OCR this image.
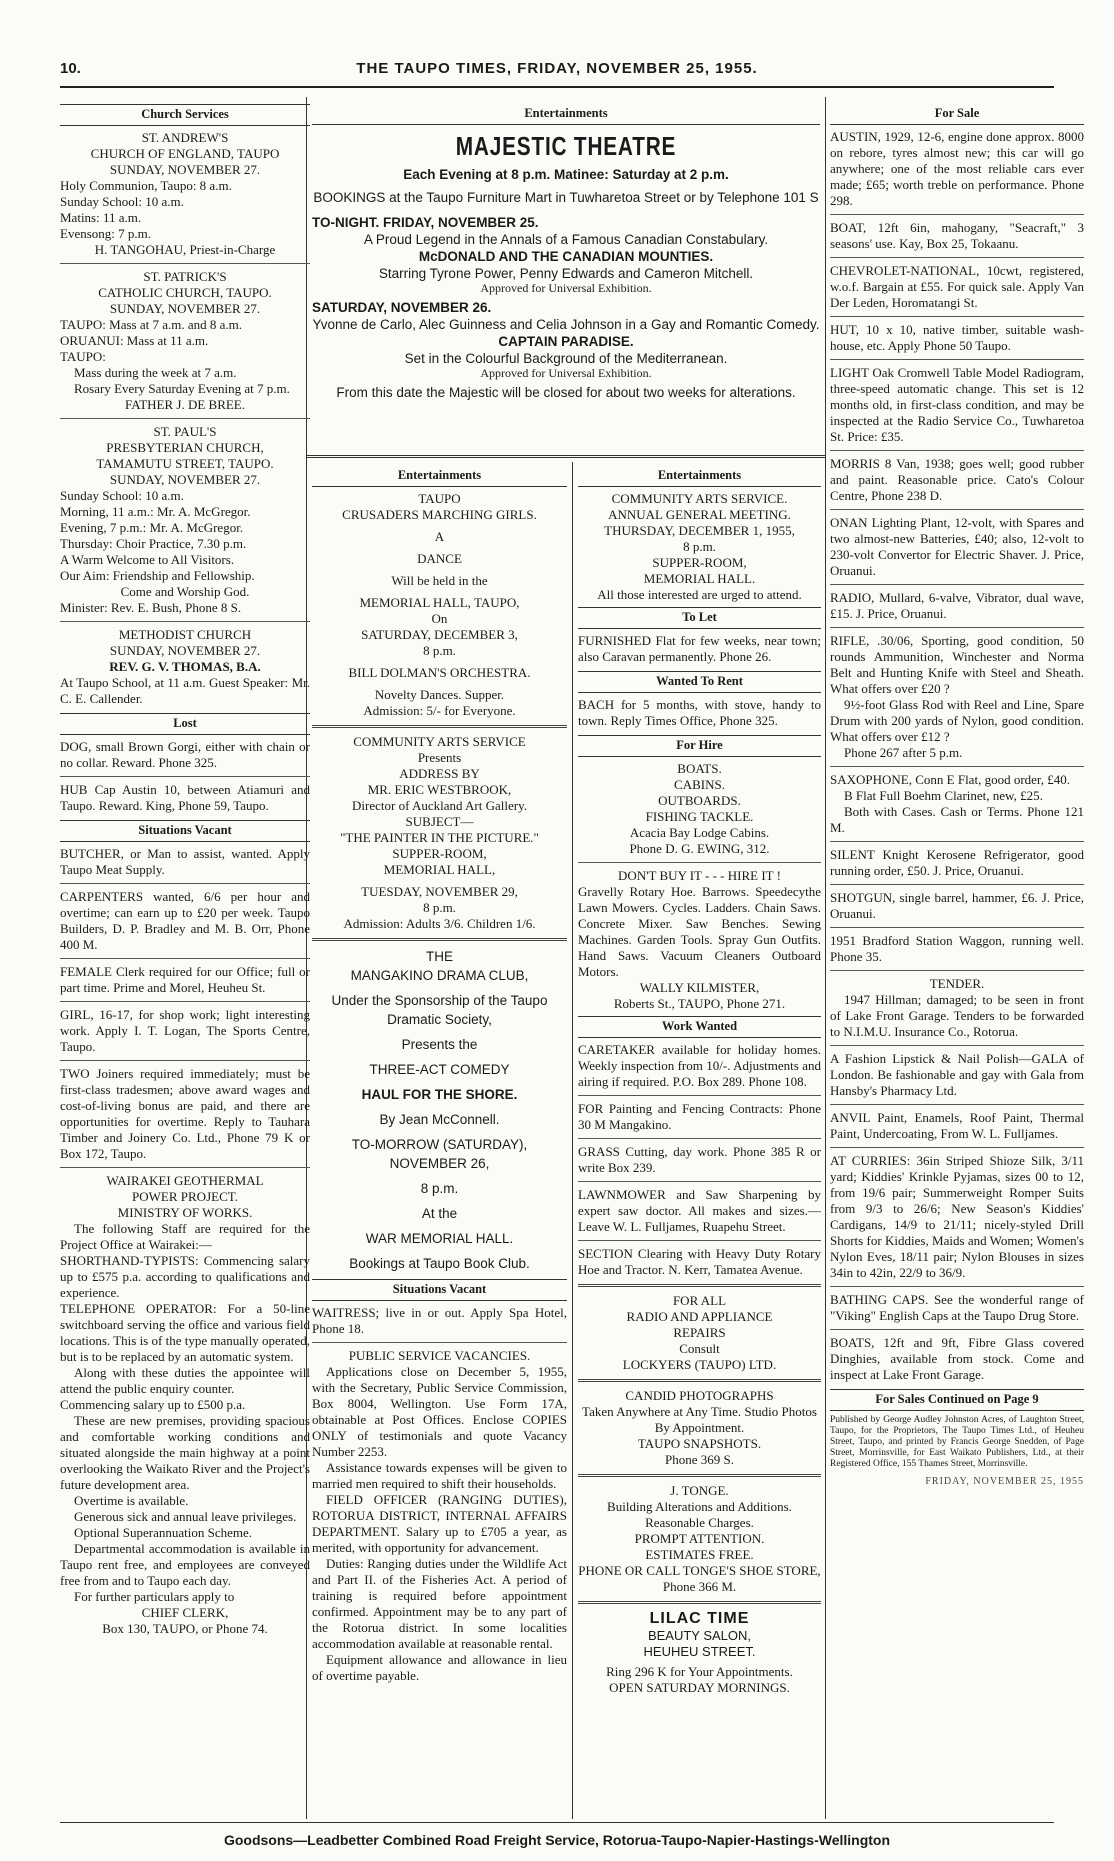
10.	THE TAUPO TIMES, FRIDAY, NOVEMBER 25, 1955.
Church Services

ST. ANDREW'S

CHURCH OF ENGLAND, TAUPO

SUNDAY, NOVEMBER 27.

Holy Communion, Taupo: 8 a.m.

Sunday School: 10 a.m.

Matins: 11 a.m.

Evensong: 7 p.m.

H. TANGOHAU, Priest-in-Charge

ST. PATRICK'S

CATHOLIC CHURCH, TAUPO.

SUNDAY, NOVEMBER 27.

TAUPO: Mass at 7 a.m. and 8 a.m.

ORUANUI: Mass at 11 a.m.

TAUPO:

Mass during the week at 7 a.m.

Rosary Every Saturday Evening at 7 p.m.

FATHER J. DE BREE.

ST. PAUL'S

PRESBYTERIAN CHURCH,

TAMAMUTU STREET, TAUPO.

SUNDAY, NOVEMBER 27.

Sunday School: 10 a.m.

Morning, 11 a.m.: Mr. A. McGregor.

Evening, 7 p.m.: Mr. A. McGregor.

Thursday: Choir Practice, 7.30 p.m.

A Warm Welcome to All Visitors.

Our Aim: Friendship and Fellowship.

Come and Worship God.

Minister: Rev. E. Bush, Phone 8 S.

METHODIST CHURCH

SUNDAY, NOVEMBER 27.

REV. G. V. THOMAS, B.A.

At Taupo School, at 11 a.m. Guest Speaker: Mr. C. E. Callender.

Lost

DOG, small Brown Gorgi, either with chain or no collar. Reward. Phone 325.

HUB Cap Austin 10, between Atiamuri and Taupo. Reward. King, Phone 59, Taupo.

Situations Vacant

BUTCHER, or Man to assist, wanted. Apply Taupo Meat Supply.

CARPENTERS wanted, 6/6 per hour and overtime; can earn up to £20 per week. Taupo Builders, D. P. Bradley and M. B. Orr, Phone 400 M.

FEMALE Clerk required for our Office; full or part time. Prime and Morel, Heuheu St.

GIRL, 16-17, for shop work; light interesting work. Apply I. T. Logan, The Sports Centre, Taupo.

TWO Joiners required immediately; must be first-class tradesmen; above award wages and cost-of-living bonus are paid, and there are opportunities for overtime. Reply to Tauhara Timber and Joinery Co. Ltd., Phone 79 K or Box 172, Taupo.

WAIRAKEI GEOTHERMAL

POWER PROJECT.

MINISTRY OF WORKS.

The following Staff are required for the Project Office at Wairakei:—

SHORTHAND-TYPISTS: Commencing salary up to £575 p.a. according to qualifications and experience.

TELEPHONE OPERATOR: For a 50-line switchboard serving the office and various field locations. This is of the type manually operated, but is to be replaced by an automatic system.

Along with these duties the appointee will attend the public enquiry counter.

Commencing salary up to £500 p.a.

These are new premises, providing spacious and comfortable working conditions and situated alongside the main highway at a point overlooking the Waikato River and the Project's future development area.

Overtime is available.

Generous sick and annual leave privileges.

Optional Superannuation Scheme.

Departmental accommodation is available in Taupo rent free, and employees are conveyed free from and to Taupo each day.

For further particulars apply to

CHIEF CLERK,

Box 130, TAUPO, or Phone 74.

Entertainments
MAJESTIC THEATRE

Each Evening at 8 p.m. Matinee: Saturday at 2 p.m.

BOOKINGS at the Taupo Furniture Mart in Tuwharetoa Street or by Telephone 101 S

TO-NIGHT. FRIDAY, NOVEMBER 25.

A Proud Legend in the Annals of a Famous Canadian Constabulary.

McDONALD AND THE CANADIAN MOUNTIES.

Starring Tyrone Power, Penny Edwards and Cameron Mitchell.

Approved for Universal Exhibition.

SATURDAY, NOVEMBER 26.

Yvonne de Carlo, Alec Guinness and Celia Johnson in a Gay and Romantic Comedy.

CAPTAIN PARADISE.

Set in the Colourful Background of the Mediterranean.

Approved for Universal Exhibition.

From this date the Majestic will be closed for about two weeks for alterations.

Entertainments

TAUPO

CRUSADERS MARCHING GIRLS.

A

DANCE

Will be held in the

MEMORIAL HALL, TAUPO,

On

SATURDAY, DECEMBER 3,

8 p.m.

BILL DOLMAN'S ORCHESTRA.

Novelty Dances. Supper.

Admission: 5/- for Everyone.

COMMUNITY ARTS SERVICE

Presents

ADDRESS BY

MR. ERIC WESTBROOK,

Director of Auckland Art Gallery.

SUBJECT—

"THE PAINTER IN THE PICTURE."

SUPPER-ROOM,

MEMORIAL HALL,

TUESDAY, NOVEMBER 29,

8 p.m.

Admission: Adults 3/6. Children 1/6.

THE

MANGAKINO DRAMA CLUB,

Under the Sponsorship of the Taupo Dramatic Society,

Presents the

THREE-ACT COMEDY

HAUL FOR THE SHORE.

By Jean McConnell.

TO-MORROW (SATURDAY),

NOVEMBER 26,

8 p.m.

At the

WAR MEMORIAL HALL.

Bookings at Taupo Book Club.

Situations Vacant

WAITRESS; live in or out. Apply Spa Hotel, Phone 18.

PUBLIC SERVICE VACANCIES.

Applications close on December 5, 1955, with the Secretary, Public Service Commission, Box 8004, Wellington. Use Form 17A, obtainable at Post Offices. Enclose COPIES ONLY of testimonials and quote Vacancy Number 2253.

Assistance towards expenses will be given to married men required to shift their households.

FIELD OFFICER (RANGING DUTIES), ROTORUA DISTRICT, INTERNAL AFFAIRS DEPARTMENT. Salary up to £705 a year, as merited, with opportunity for advancement.

Duties: Ranging duties under the Wildlife Act and Part II. of the Fisheries Act. A period of training is required before appointment confirmed. Appointment may be to any part of the Rotorua district. In some localities accommodation available at reasonable rental.

Equipment allowance and allowance in lieu of overtime payable.

Entertainments

COMMUNITY ARTS SERVICE.

ANNUAL GENERAL MEETING.

THURSDAY, DECEMBER 1, 1955,

8 p.m.

SUPPER-ROOM,

MEMORIAL HALL.

All those interested are urged to attend.

To Let

FURNISHED Flat for few weeks, near town; also Caravan permanently. Phone 26.

Wanted To Rent

BACH for 5 months, with stove, handy to town. Reply Times Office, Phone 325.

For Hire

BOATS.

CABINS.

OUTBOARDS.

FISHING TACKLE.

Acacia Bay Lodge Cabins.

Phone D. G. EWING, 312.

DON'T BUY IT - - - HIRE IT !

Gravelly Rotary Hoe. Barrows. Speedecythe Lawn Mowers. Cycles. Ladders. Chain Saws. Concrete Mixer. Saw Benches. Sewing Machines. Garden Tools. Spray Gun Outfits. Hand Saws. Vacuum Cleaners Outboard Motors.

WALLY KILMISTER,

Roberts St., TAUPO, Phone 271.

Work Wanted

CARETAKER available for holiday homes. Weekly inspection from 10/-. Adjustments and airing if required. P.O. Box 289. Phone 108.

FOR Painting and Fencing Contracts: Phone 30 M Mangakino.

GRASS Cutting, day work. Phone 385 R or write Box 239.

LAWNMOWER and Saw Sharpening by expert saw doctor. All makes and sizes.—Leave W. L. Fulljames, Ruapehu Street.

SECTION Clearing with Heavy Duty Rotary Hoe and Tractor. N. Kerr, Tamatea Avenue.

FOR ALL

RADIO AND APPLIANCE

REPAIRS

Consult

LOCKYERS (TAUPO) LTD.

CANDID PHOTOGRAPHS

Taken Anywhere at Any Time. Studio Photos By Appointment.

TAUPO SNAPSHOTS.

Phone 369 S.

J. TONGE.

Building Alterations and Additions.

Reasonable Charges.

PROMPT ATTENTION.

ESTIMATES FREE.

PHONE OR CALL TONGE'S SHOE STORE, Phone 366 M.

LILAC TIME

BEAUTY SALON,

HEUHEU STREET.

Ring 296 K for Your Appointments.

OPEN SATURDAY MORNINGS.

For Sale

AUSTIN, 1929, 12-6, engine done approx. 8000 on rebore, tyres almost new; this car will go anywhere; one of the most reliable cars ever made; £65; worth treble on performance. Phone 298.

BOAT, 12ft 6in, mahogany, "Seacraft," 3 seasons' use. Kay, Box 25, Tokaanu.

CHEVROLET-NATIONAL, 10cwt, registered, w.o.f. Bargain at £55. For quick sale. Apply Van Der Leden, Horomatangi St.

HUT, 10 x 10, native timber, suitable wash-house, etc. Apply Phone 50 Taupo.

LIGHT Oak Cromwell Table Model Radiogram, three-speed automatic change. This set is 12 months old, in first-class condition, and may be inspected at the Radio Service Co., Tuwharetoa St. Price: £35.

MORRIS 8 Van, 1938; goes well; good rubber and paint. Reasonable price. Cato's Colour Centre, Phone 238 D.

ONAN Lighting Plant, 12-volt, with Spares and two almost-new Batteries, £40; also, 12-volt to 230-volt Convertor for Electric Shaver. J. Price, Oruanui.

RADIO, Mullard, 6-valve, Vibrator, dual wave, £15. J. Price, Oruanui.

RIFLE, .30/06, Sporting, good condition, 50 rounds Ammunition, Winchester and Norma Belt and Hunting Knife with Steel and Sheath. What offers over £20 ?

9½-foot Glass Rod with Reel and Line, Spare Drum with 200 yards of Nylon, good condition. What offers over £12 ?

Phone 267 after 5 p.m.

SAXOPHONE, Conn E Flat, good order, £40.

B Flat Full Boehm Clarinet, new, £25.

Both with Cases. Cash or Terms. Phone 121 M.

SILENT Knight Kerosene Refrigerator, good running order, £50. J. Price, Oruanui.

SHOTGUN, single barrel, hammer, £6. J. Price, Oruanui.

1951 Bradford Station Waggon, running well. Phone 35.

TENDER.

1947 Hillman; damaged; to be seen in front of Lake Front Garage. Tenders to be forwarded to N.I.M.U. Insurance Co., Rotorua.

A Fashion Lipstick & Nail Polish—GALA of London. Be fashionable and gay with Gala from Hansby's Pharmacy Ltd.

ANVIL Paint, Enamels, Roof Paint, Thermal Paint, Undercoating, From W. L. Fulljames.

AT CURRIES: 36in Striped Shioze Silk, 3/11 yard; Kiddies' Krinkle Pyjamas, sizes 00 to 12, from 19/6 pair; Summerweight Romper Suits from 9/3 to 26/6; New Season's Kiddies' Cardigans, 14/9 to 21/11; nicely-styled Drill Shorts for Kiddies, Maids and Women; Women's Nylon Eves, 18/11 pair; Nylon Blouses in sizes 34in to 42in, 22/9 to 36/9.

BATHING CAPS. See the wonderful range of "Viking" English Caps at the Taupo Drug Store.

BOATS, 12ft and 9ft, Fibre Glass covered Dinghies, available from stock. Come and inspect at Lake Front Garage.

For Sales Continued on Page 9

Published by George Audley Johnston Acres, of Laughton Street, Taupo, for the Proprietors, The Taupo Times Ltd., of Heuheu Street, Taupo, and printed by Francis George Snedden, of Page Street, Morrinsville, for East Waikato Publishers, Ltd., at their Registered Office, 155 Thames Street, Morrinsville.

FRIDAY, NOVEMBER 25, 1955

Goodsons—Leadbetter Combined Road Freight Service, Rotorua-Taupo-Napier-Hastings-Wellington
